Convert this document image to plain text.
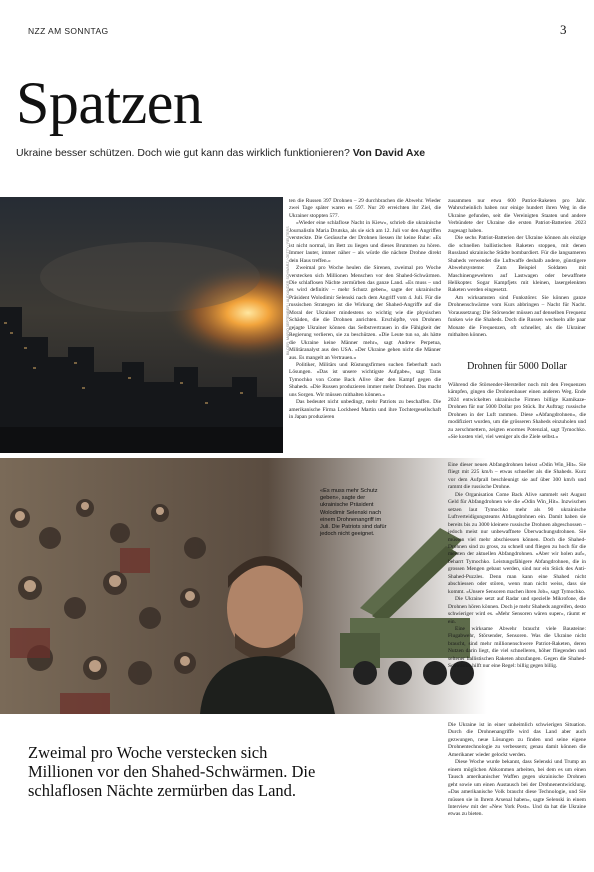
NZZ AM SONNTAG	3
Spatzen
Ukraine besser schützen. Doch wie gut kann das wirklich funktionieren? Von David Axe
BILDER: MARIO SEPTEMBER / ALEXANDER SCHWARZ / GETTY / REUTERS
«Es muss mehr Schutz geben», sagte der ukrainische Präsident Wolodimir Selenski nach einem Drohnenangriff im Juli. Die Patriots sind dafür jedoch nicht geeignet.
Zweimal pro Woche verstecken sich Millionen vor den Shahed-Schwärmen. Die schlaflosen Nächte zermürben das Land.

ten die Russen 397 Drohnen – 29 durchbrachen die Abwehr. Wieder zwei Tage später waren es 597. Nur 20 erreichten ihr Ziel, die Ukrainer stoppten 577.

«Wieder eine schlaflose Nacht in Kiew», schrieb die ukrainische Journalistin Maria Drutska, als sie sich am 12. Juli vor den Angriffen versteckte. Die Geräusche der Drohnen liessen ihr keine Ruhe: «Es ist nicht normal, im Bett zu liegen und dieses Brummen zu hören. Immer lauter, immer näher – als würde die nächste Drohne direkt dein Haus treffen.»

Zweimal pro Woche heulen die Sirenen, zweimal pro Woche verstecken sich Millionen Menschen vor den Shahed-Schwärmen. Die schlaflosen Nächte zermürben das ganze Land. «Es muss – und es wird definitiv – mehr Schutz geben», sagte der ukrainische Präsident Wolodimir Selenski nach dem Angriff vom 4. Juli. Für die russischen Strategen ist die Wirkung der Shahed-Angriffe auf die Moral der Ukrainer mindestens so wichtig wie die physischen Schäden, die die Drohnen anrichten. Erschöpfte, von Drohnen gejagte Ukrainer können das Selbstvertrauen in die Fähigkeit der Regierung verlieren, sie zu beschützen. «Die Leute tun so, als hätte die Ukraine keine Männer mehr», sagt Andrew Perpetua, Militäranalyst aus den USA. «Der Ukraine gehen nicht die Männer aus. Es mangelt an Vertrauen.»

Politiker, Militärs und Rüstungsfirmen suchen fieberhaft nach Lösungen. «Das ist unsere wichtigste Aufgabe», sagt Taras Tymochko von Come Back Alive über den Kampf gegen die Shaheds. «Die Russen produzieren immer mehr Drohnen. Das macht uns Sorgen. Wir müssen mithalten können.»

Das bedeutet nicht unbedingt, mehr Patriots zu beschaffen. Die amerikanische Firma Lockheed Martin und ihre Tochtergesellschaft in Japan produzieren

zusammen nur etwa 600 Patriot-Raketen pro Jahr. Wahrscheinlich haben nur einige hundert ihren Weg in die Ukraine gefunden, seit die Vereinigten Staaten und andere Verbündete der Ukraine die ersten Patriot-Batterien 2023 zugesagt haben.

Die sechs Patriot-Batterien der Ukraine können als einzige die schnellen ballistischen Raketen stoppen, mit denen Russland ukrainische Städte bombardiert. Für die langsameren Shaheds verwendet die Luftwaffe deshalb andere, günstigere Abwehrsysteme: Zum Beispiel Soldaten mit Maschinengewehren auf Lastwagen oder bewaffnete Helikopter. Sogar Kampfjets mit kleinen, lasergelenkten Raketen werden eingesetzt.

Am wirksamsten sind Funkstörer. Sie können ganze Drohnenschwärme vom Kurs abbringen – Nacht für Nacht. Voraussetzung: Die Störsender müssen auf denselben Frequenz funken wie die Shaheds. Doch die Russen wechseln alle paar Monate die Frequenzen, oft schneller, als die Ukrainer mithalten können.

Drohnen für 5000 Dollar

Während die Störsender-Hersteller noch mit den Frequenzen kämpfen, gingen die Drohnenbauer einen anderen Weg. Ende 2024 entwickelten ukrainische Firmen billige Kamikaze-Drohnen für nur 5000 Dollar pro Stück. Ihr Auftrag: russische Drohnen in der Luft rammen. Diese «Abfangdrohnen», die modifiziert wurden, um die grösseren Shaheds einzuholen und zu zerschmettern, zeigten enormes Potenzial, sagt Tymochko. «Sie kosten viel, viel weniger als die Ziele selbst.»

Eine dieser neuen Abfangdrohnen heisst «Odin Win_Hit». Sie fliegt mit 225 km/h – etwas schneller als die Shaheds. Kurz vor dem Aufprall beschleunigt sie auf über 300 km/h und rammt die russische Drohne.

Die Organisation Come Back Alive sammelt seit August Geld für Abfangdrohnen wie die «Odin Win_Hit». Inzwischen setzen laut Tymochko mehr als 90 ukrainische Luftverteidigungsteams Abfangdrohnen ein. Damit haben sie bereits bis zu 3000 kleinere russische Drohnen abgeschossen – jedoch meist nur unbewaffnete Überwachungsdrohnen. Sie müssen viel mehr abschiessen können. Doch die Shahed-Drohnen sind zu gross, zu schnell und fliegen zu hoch für die meisten der aktuellen Abfangdrohnen. «Aber wir holen auf», beharrt Tymochko. Leistungsfähigere Abfangdrohnen, die in grossen Mengen gebaut werden, sind nur ein Stück des Anti-Shahed-Puzzles. Denn man kann eine Shahed nicht abschiessen oder stören, wenn man nicht weiss, dass sie kommt. «Unsere Sensoren machen ihren Job», sagt Tymochko.

Die Ukraine setzt auf Radar und spezielle Mikrofone, die Drohnen hören können. Doch je mehr Shaheds angreifen, desto schwieriger wird es. «Mehr Sensoren wären super», räumt er ein.

Eine wirksame Abwehr braucht viele Bausteine: Flugabwehr, Störsender, Sensoren. Was die Ukraine nicht braucht, sind mehr millionenschwere Patriot-Raketen, deren Nutzen darin liegt, die viel schnelleren, höher fliegenden und seltener ballistischen Raketen abzufangen. Gegen die Shahed-Schwärme hilft nur eine Regel: billig gegen billig.

Die Ukraine ist in einer unheimlich schwierigen Situation. Durch die Drohnenangriffe wird das Land aber auch gezwungen, neue Lösungen zu finden und seine eigene Drohnentechnologie zu verbessern; genau damit können die Amerikaner wieder gelockt werden.

Diese Woche wurde bekannt, dass Selenski und Trump an einem möglichen Abkommen arbeiten, bei dem es um einen Tausch amerikanischer Waffen gegen ukrainische Drohnen geht sowie um einen Austausch bei der Drohnenentwicklung. «Das amerikanische Volk braucht diese Technologie, und Sie müssen sie in Ihrem Arsenal haben», sagte Selenski in einem Interview mit der «New York Post». Und da hat die Ukraine etwas zu bieten.
